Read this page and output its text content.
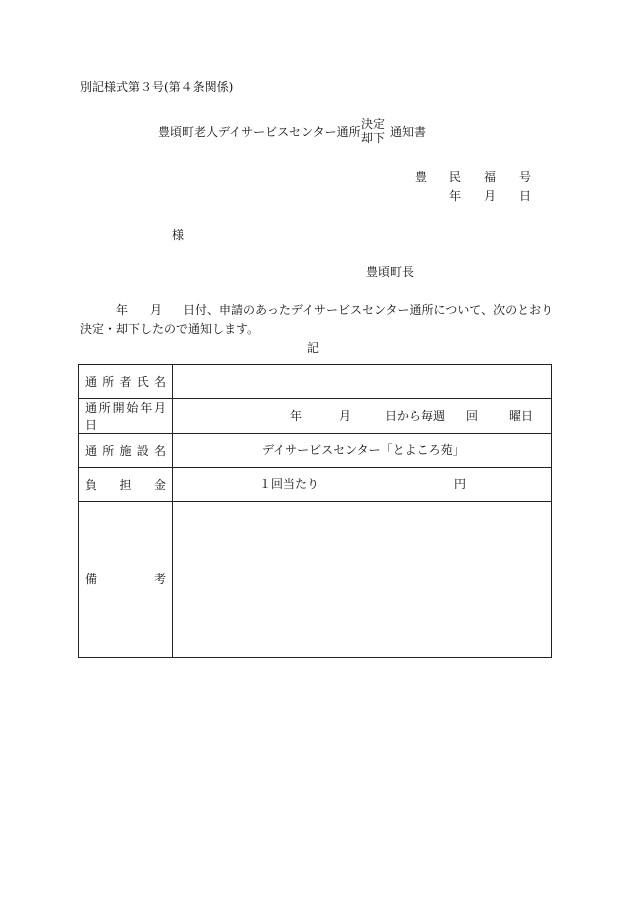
別記様式第３号(第４条関係)
豊頃町老人デイサービスセンター通所
決定
却下 通知書
豊 民 福 号
年 月 日
様
豊頃町長
年 月 日付、申請のあったデイサービスセンター通所について、次のとおり
決定・却下したので通知します。
記
通 所 者 氏 名	

通所開始年月日	年 月 日から毎週 回 曜日

通 所 施 設 名	デイサービスセンター「とよころ苑」

負　担　金	１回当たり 円

備　考	
